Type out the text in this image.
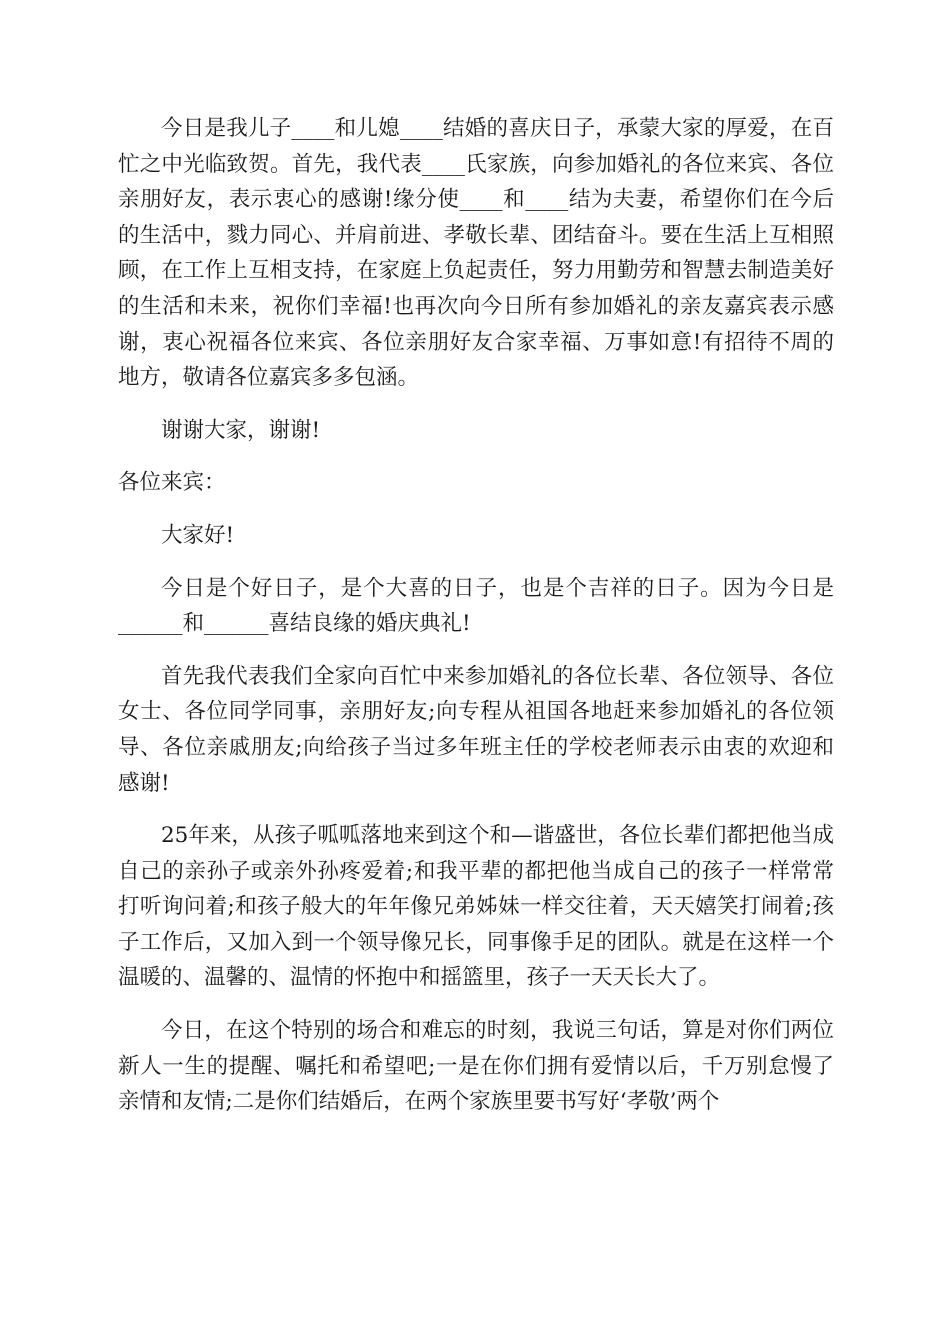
今日是我儿子____和儿媳____结婚的喜庆日子，承蒙大家的厚爱，在百忙之中光临致贺。首先，我代表____氏家族，向参加婚礼的各位来宾、各位亲朋好友，表示衷心的感谢!缘分使____和____结为夫妻，希望你们在今后的生活中，戮力同心、并肩前进、孝敬长辈、团结奋斗。要在生活上互相照顾，在工作上互相支持，在家庭上负起责任，努力用勤劳和智慧去制造美好的生活和未来，祝你们幸福!也再次向今日所有参加婚礼的亲友嘉宾表示感谢，衷心祝福各位来宾、各位亲朋好友合家幸福、万事如意!有招待不周的地方，敬请各位嘉宾多多包涵。

谢谢大家，谢谢!

各位来宾：

大家好!

今日是个好日子，是个大喜的日子，也是个吉祥的日子。因为今日是______和______喜结良缘的婚庆典礼!

首先我代表我们全家向百忙中来参加婚礼的各位长辈、各位领导、各位女士、各位同学同事，亲朋好友;向专程从祖国各地赶来参加婚礼的各位领导、各位亲戚朋友;向给孩子当过多年班主任的学校老师表示由衷的欢迎和感谢!

25年来，从孩子呱呱落地来到这个和—谐盛世，各位长辈们都把他当成自己的亲孙子或亲外孙疼爱着;和我平辈的都把他当成自己的孩子一样常常打听询问着;和孩子般大的年年像兄弟姊妹一样交往着，天天嬉笑打闹着;孩子工作后，又加入到一个领导像兄长，同事像手足的团队。就是在这样一个温暖的、温馨的、温情的怀抱中和摇篮里，孩子一天天长大了。

今日，在这个特别的场合和难忘的时刻，我说三句话，算是对你们两位新人一生的提醒、嘱托和希望吧;一是在你们拥有爱情以后，千万别怠慢了亲情和友情;二是你们结婚后，在两个家族里要书写好‘孝敬’两个
